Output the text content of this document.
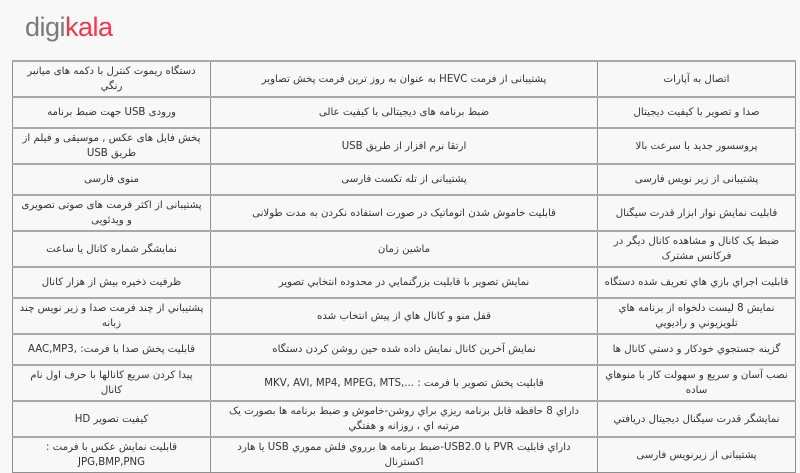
digikala
اتصال به آپارات	پشتیبانی از فرمت HEVC به عنوان به روز ترین فرمت پخش تصاویر	دستگاه ریموت کنترل با دکمه های میانبر رنگي
صدا و تصویر با کیفیت دیجیتال	ضبط برنامه های دیجیتالی با کیفیت عالی	ورودی USB جهت ضبط برنامه
پروسسور جدید با سرعت بالا	ارتقا نرم افزار از طریق USB	پخش فایل های عکس , موسیقی و فیلم از طریق USB
پشتیبانی از زیر نویس فارسی	پشتیبانی از تله تکست فارسی	منوی فارسی
قابلیت نمایش نوار ابزار قدرت سیگنال	قابلیت خاموش شدن اتوماتیک در صورت استفاده نکردن به مدت طولانی	پشتیبانی از اکثر فرمت های صوتی تصویری و ویدئویی
ضبط یک کانال و مشاهده کانال دیگر در فرکانس مشترک	ماشین زمان	نمایشگر شماره کانال یا ساعت
قابلیت اجراي بازي هاي تعریف شده دستگاه	نمایش تصویر با قابلیت بزرگنمایي در محدوده انتخابي تصویر	ظرفیت ذخیره بیش از هزار کانال
نمایش 8 لیست دلخواه از برنامه هاي تلویزیوني و رادیویي	قفل منو و کانال هاي از پیش انتخاب شده	پشتیباني از چند فرمت صدا و زیر نویس چند زبانه
گزینه جستجوي خودکار و دستي کانال ها	نمایش آخرین کانال نمایش داده شده حین روشن کردن دستگاه	قابلیت پخش صدا با فرمت: ,AAC,MP3
نصب آسان و سریع و سهولت کار با منوهاي ساده	قابلیت پخش تصویر با فرمت : ...,MKV, AVI, MP4, MPEG, MTS	پیدا کردن سریع کانالها با حرف اول نام کانال
نمایشگر قدرت سیگنال دیجیتال دریافتي	داراي 8 حافظه قابل برنامه ریزي براي روشن-خاموش و ضبط برنامه ها بصورت یک مرتبه اي ، روزانه و هفتگي	کیفیت تصویر HD
پشتیبانی از زیرنویس فارسی	داراي قابلیت PVR با USB2.0-ضبط برنامه ها برروي فلش مموري USB یا هارد اکسترنال	قابلیت نمایش عکس با فرمت : JPG,BMP,PNG
